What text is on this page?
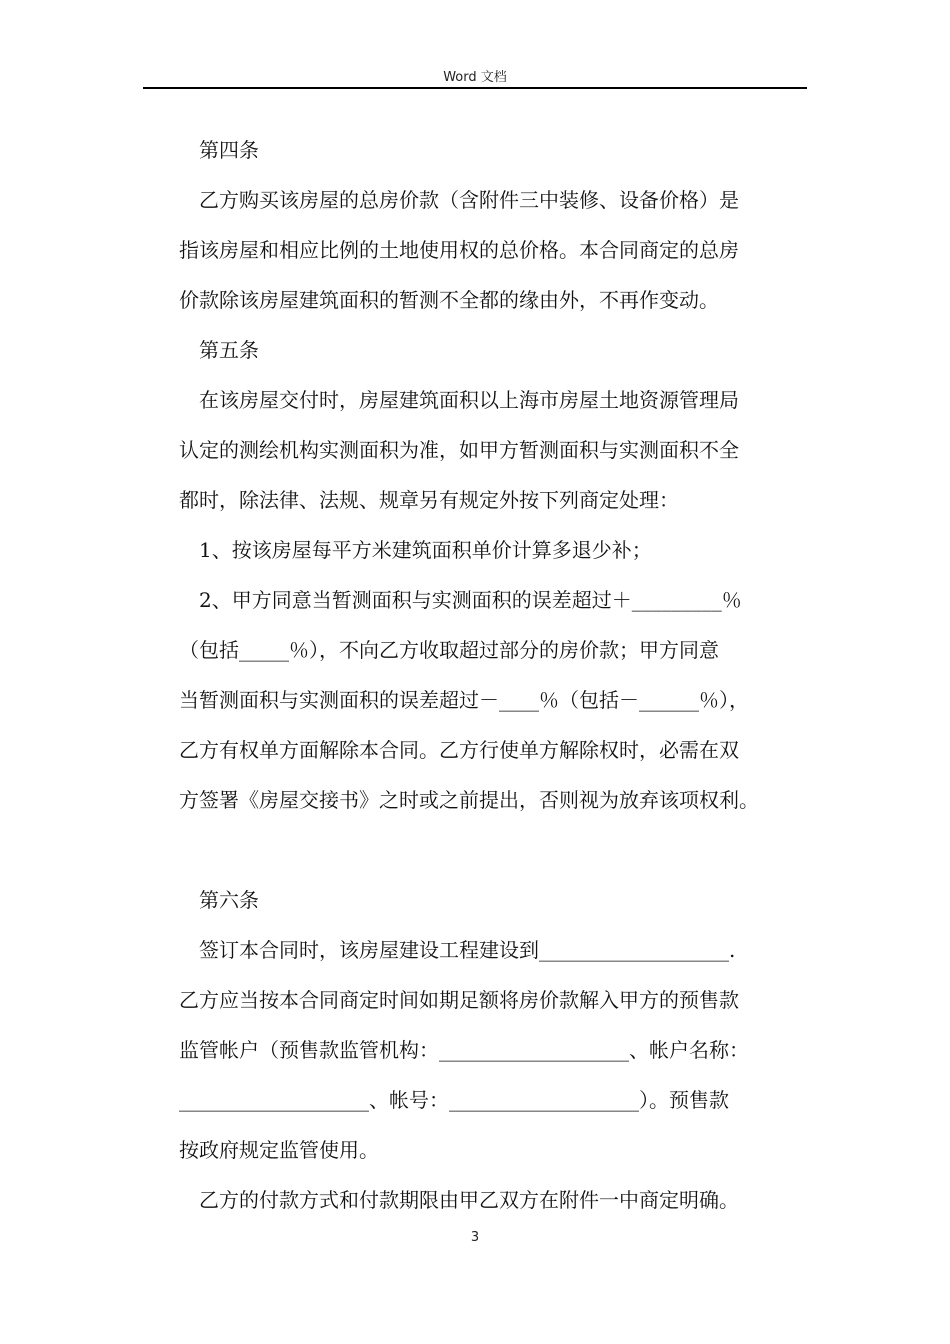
Word 文档
第四条
乙方购买该房屋的总房价款（含附件三中装修、设备价格）是
指该房屋和相应比例的土地使用权的总价格。本合同商定的总房
价款除该房屋建筑面积的暂测不全都的缘由外，不再作变动。
第五条
在该房屋交付时，房屋建筑面积以上海市房屋土地资源管理局
认定的测绘机构实测面积为准，如甲方暂测面积与实测面积不全
都时，除法律、法规、规章另有规定外按下列商定处理：
1、按该房屋每平方米建筑面积单价计算多退少补；
2、甲方同意当暂测面积与实测面积的误差超过＋_________％
（包括_____％），不向乙方收取超过部分的房价款；甲方同意
当暂测面积与实测面积的误差超过－____％（包括－______％），
乙方有权单方面解除本合同。乙方行使单方解除权时，必需在双
方签署《房屋交接书》之时或之前提出，否则视为放弃该项权利。
第六条
签订本合同时，该房屋建设工程建设到___________________.
乙方应当按本合同商定时间如期足额将房价款解入甲方的预售款
监管帐户（预售款监管机构：___________________、帐户名称：
___________________、帐号：___________________）。预售款
按政府规定监管使用。
乙方的付款方式和付款期限由甲乙双方在附件一中商定明确。
3
